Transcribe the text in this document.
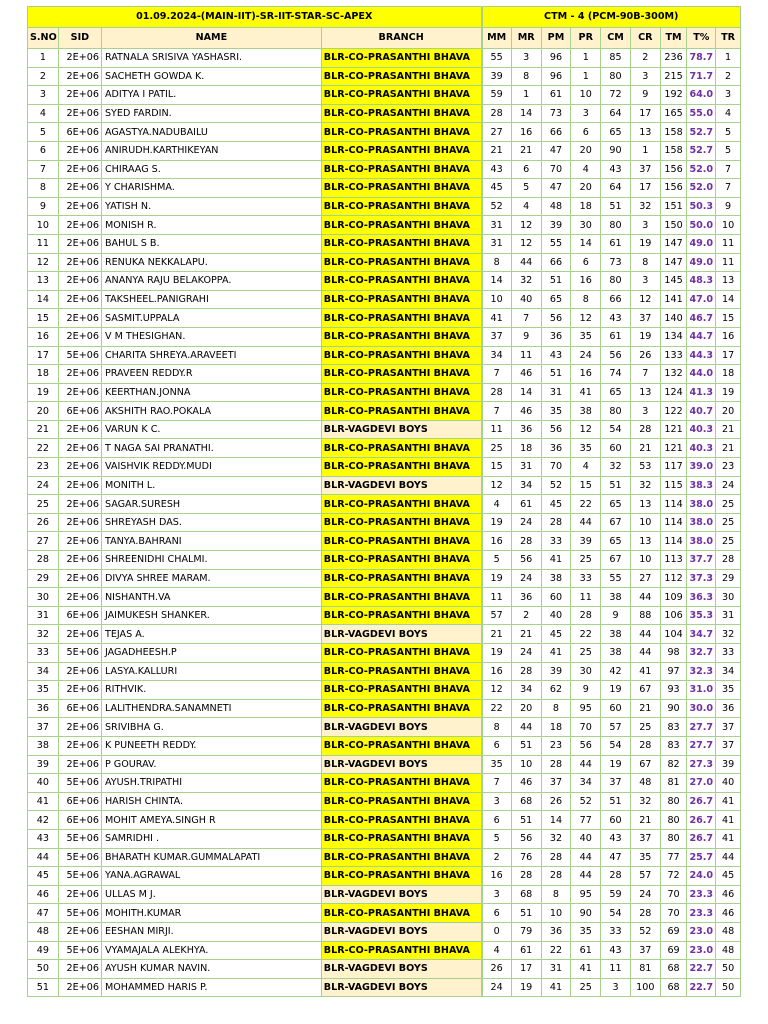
01.09.2024-(MAIN-IIT)-SR-IIT-STAR-SC-APEX				CTM - 4 (PCM-90B-300M)								
S.NO	SID	NAME	BRANCH	MM	MR	PM	PR	CM	CR	TM	T%	TR
1	2E+06	RATNALA SRISIVA YASHASRI.	BLR-CO-PRASANTHI BHAVA	55	3	96	1	85	2	236	78.7	1
2	2E+06	SACHETH GOWDA K.	BLR-CO-PRASANTHI BHAVA	39	8	96	1	80	3	215	71.7	2
3	2E+06	ADITYA I PATIL.	BLR-CO-PRASANTHI BHAVA	59	1	61	10	72	9	192	64.0	3
4	2E+06	SYED FARDIN.	BLR-CO-PRASANTHI BHAVA	28	14	73	3	64	17	165	55.0	4
5	6E+06	AGASTYA.NADUBAILU	BLR-CO-PRASANTHI BHAVA	27	16	66	6	65	13	158	52.7	5
6	2E+06	ANIRUDH.KARTHIKEYAN	BLR-CO-PRASANTHI BHAVA	21	21	47	20	90	1	158	52.7	5
7	2E+06	CHIRAAG S.	BLR-CO-PRASANTHI BHAVA	43	6	70	4	43	37	156	52.0	7
8	2E+06	Y CHARISHMA.	BLR-CO-PRASANTHI BHAVA	45	5	47	20	64	17	156	52.0	7
9	2E+06	YATISH N.	BLR-CO-PRASANTHI BHAVA	52	4	48	18	51	32	151	50.3	9
10	2E+06	MONISH R.	BLR-CO-PRASANTHI BHAVA	31	12	39	30	80	3	150	50.0	10
11	2E+06	BAHUL S B.	BLR-CO-PRASANTHI BHAVA	31	12	55	14	61	19	147	49.0	11
12	2E+06	RENUKA NEKKALAPU.	BLR-CO-PRASANTHI BHAVA	8	44	66	6	73	8	147	49.0	11
13	2E+06	ANANYA RAJU BELAKOPPA.	BLR-CO-PRASANTHI BHAVA	14	32	51	16	80	3	145	48.3	13
14	2E+06	TAKSHEEL.PANIGRAHI	BLR-CO-PRASANTHI BHAVA	10	40	65	8	66	12	141	47.0	14
15	2E+06	SASMIT.UPPALA	BLR-CO-PRASANTHI BHAVA	41	7	56	12	43	37	140	46.7	15
16	2E+06	V M THESIGHAN.	BLR-CO-PRASANTHI BHAVA	37	9	36	35	61	19	134	44.7	16
17	5E+06	CHARITA SHREYA.ARAVEETI	BLR-CO-PRASANTHI BHAVA	34	11	43	24	56	26	133	44.3	17
18	2E+06	PRAVEEN REDDY.R	BLR-CO-PRASANTHI BHAVA	7	46	51	16	74	7	132	44.0	18
19	2E+06	KEERTHAN.JONNA	BLR-CO-PRASANTHI BHAVA	28	14	31	41	65	13	124	41.3	19
20	6E+06	AKSHITH RAO.POKALA	BLR-CO-PRASANTHI BHAVA	7	46	35	38	80	3	122	40.7	20
21	2E+06	VARUN K C.	BLR-VAGDEVI BOYS	11	36	56	12	54	28	121	40.3	21
22	2E+06	T NAGA SAI PRANATHI.	BLR-CO-PRASANTHI BHAVA	25	18	36	35	60	21	121	40.3	21
23	2E+06	VAISHVIK REDDY.MUDI	BLR-CO-PRASANTHI BHAVA	15	31	70	4	32	53	117	39.0	23
24	2E+06	MONITH L.	BLR-VAGDEVI BOYS	12	34	52	15	51	32	115	38.3	24
25	2E+06	SAGAR.SURESH	BLR-CO-PRASANTHI BHAVA	4	61	45	22	65	13	114	38.0	25
26	2E+06	SHREYASH DAS.	BLR-CO-PRASANTHI BHAVA	19	24	28	44	67	10	114	38.0	25
27	2E+06	TANYA.BAHRANI	BLR-CO-PRASANTHI BHAVA	16	28	33	39	65	13	114	38.0	25
28	2E+06	SHREENIDHI CHALMI.	BLR-CO-PRASANTHI BHAVA	5	56	41	25	67	10	113	37.7	28
29	2E+06	DIVYA SHREE MARAM.	BLR-CO-PRASANTHI BHAVA	19	24	38	33	55	27	112	37.3	29
30	2E+06	NISHANTH.VA	BLR-CO-PRASANTHI BHAVA	11	36	60	11	38	44	109	36.3	30
31	6E+06	JAIMUKESH SHANKER.	BLR-CO-PRASANTHI BHAVA	57	2	40	28	9	88	106	35.3	31
32	2E+06	TEJAS A.	BLR-VAGDEVI BOYS	21	21	45	22	38	44	104	34.7	32
33	5E+06	JAGADHEESH.P	BLR-CO-PRASANTHI BHAVA	19	24	41	25	38	44	98	32.7	33
34	2E+06	LASYA.KALLURI	BLR-CO-PRASANTHI BHAVA	16	28	39	30	42	41	97	32.3	34
35	2E+06	RITHVIK.	BLR-CO-PRASANTHI BHAVA	12	34	62	9	19	67	93	31.0	35
36	6E+06	LALITHENDRA.SANAMNETI	BLR-CO-PRASANTHI BHAVA	22	20	8	95	60	21	90	30.0	36
37	2E+06	SRIVIBHA G.	BLR-VAGDEVI BOYS	8	44	18	70	57	25	83	27.7	37
38	2E+06	K PUNEETH REDDY.	BLR-CO-PRASANTHI BHAVA	6	51	23	56	54	28	83	27.7	37
39	2E+06	P GOURAV.	BLR-VAGDEVI BOYS	35	10	28	44	19	67	82	27.3	39
40	5E+06	AYUSH.TRIPATHI	BLR-CO-PRASANTHI BHAVA	7	46	37	34	37	48	81	27.0	40
41	6E+06	HARISH CHINTA.	BLR-CO-PRASANTHI BHAVA	3	68	26	52	51	32	80	26.7	41
42	6E+06	MOHIT AMEYA.SINGH R	BLR-CO-PRASANTHI BHAVA	6	51	14	77	60	21	80	26.7	41
43	5E+06	SAMRIDHI .	BLR-CO-PRASANTHI BHAVA	5	56	32	40	43	37	80	26.7	41
44	5E+06	BHARATH KUMAR.GUMMALAPATI	BLR-CO-PRASANTHI BHAVA	2	76	28	44	47	35	77	25.7	44
45	5E+06	YANA.AGRAWAL	BLR-CO-PRASANTHI BHAVA	16	28	28	44	28	57	72	24.0	45
46	2E+06	ULLAS M J.	BLR-VAGDEVI BOYS	3	68	8	95	59	24	70	23.3	46
47	5E+06	MOHITH.KUMAR	BLR-CO-PRASANTHI BHAVA	6	51	10	90	54	28	70	23.3	46
48	2E+06	EESHAN MIRJI.	BLR-VAGDEVI BOYS	0	79	36	35	33	52	69	23.0	48
49	5E+06	VYAMAJALA ALEKHYA.	BLR-CO-PRASANTHI BHAVA	4	61	22	61	43	37	69	23.0	48
50	2E+06	AYUSH KUMAR NAVIN.	BLR-VAGDEVI BOYS	26	17	31	41	11	81	68	22.7	50
51	2E+06	MOHAMMED HARIS P.	BLR-VAGDEVI BOYS	24	19	41	25	3	100	68	22.7	50
